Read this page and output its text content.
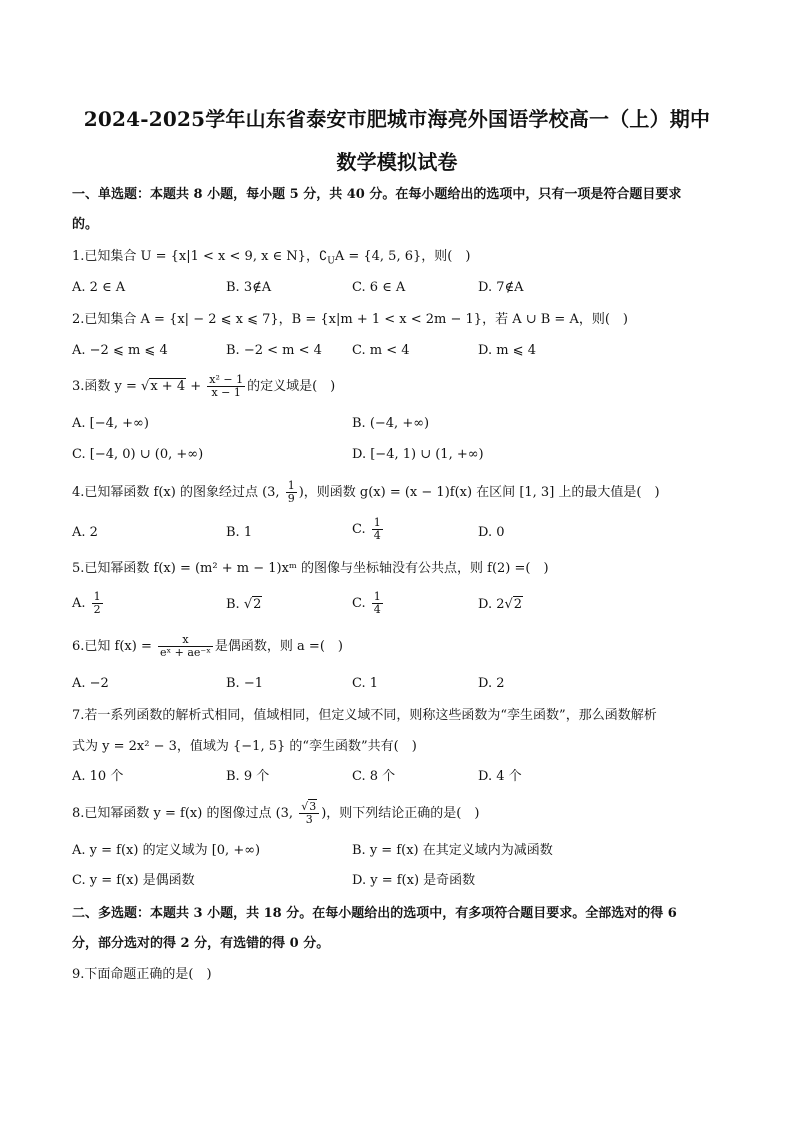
2024-2025学年山东省泰安市肥城市海亮外国语学校高一（上）期中
数学模拟试卷
一、单选题：本题共 8 小题，每小题 5 分，共 40 分。在每小题给出的选项中，只有一项是符合题目要求
的。
1.已知集合 U = {x|1 < x < 9, x ∈ N}，$∁_UA = \{4$, 5, 6}，则(　)
A. 2 ∈ A	B. 3∉A	C. 6 ∈ A	D. 7∉A
2.已知集合 A = {x| − 2 ⩽ x ⩽ 7}，B = {x|m + 1 < x < 2m − 1}，若 A ∪ B = A，则(　)
A. −2 ⩽ m ⩽ 4	B. −2 < m < 4 C. m < 4	D. m ⩽ 4
3.函数 $y = √x + 4 + \frac{\text{x² − 1}}{x - 1}$ 的定义域是(　)
A. [−4, +∞)	B. (−4, +∞)
C. [−4, 0) ∪ (0, +∞)	D. [−4, 1) ∪ (1, +∞)
4.已知幂函数 f(x) 的图象经过点 (3, $\frac{1}{9}$ )，则函数 g(x) = (x − 1)f(x) 在区间 [1, 3] 上的最大值是(　)
A. 2	B. 1	C. $\frac{1}{4}$	D. 0
5.已知幂函数 f(x) = (m² + m − 1)xᵐ 的图像与坐标轴没有公共点，则 f(2) =(　)
A. $\frac{1}{2}$	B. √2	C. $\frac{1}{4}$	D. 2√2
6.已知 $f(x) = \frac{x}{\text{eˣ + ae⁻ˣ}}$ 是偶函数，则 a =(　)
A. −2	B. −1	C. 1	D. 2
7.若一系列函数的解析式相同，值域相同，但定义域不同，则称这些函数为“孪生函数”，那么函数解析
式为 y = 2x² − 3，值域为 {−1, 5} 的“孪生函数”共有(　)
A. 10 个	B. 9 个	C. 8 个	D. 4 个
8.已知幂函数 y = f(x) 的图像过点 (3, $\frac{√3}{3}$ )，则下列结论正确的是(　)
A. y = f(x) 的定义域为 [0, +∞)	B. y = f(x) 在其定义域内为减函数
C. y = f(x) 是偶函数	D. y = f(x) 是奇函数
二、多选题：本题共 3 小题，共 18 分。在每小题给出的选项中，有多项符合题目要求。全部选对的得 6
分，部分选对的得 2 分，有选错的得 0 分。
9.下面命题正确的是(　)
